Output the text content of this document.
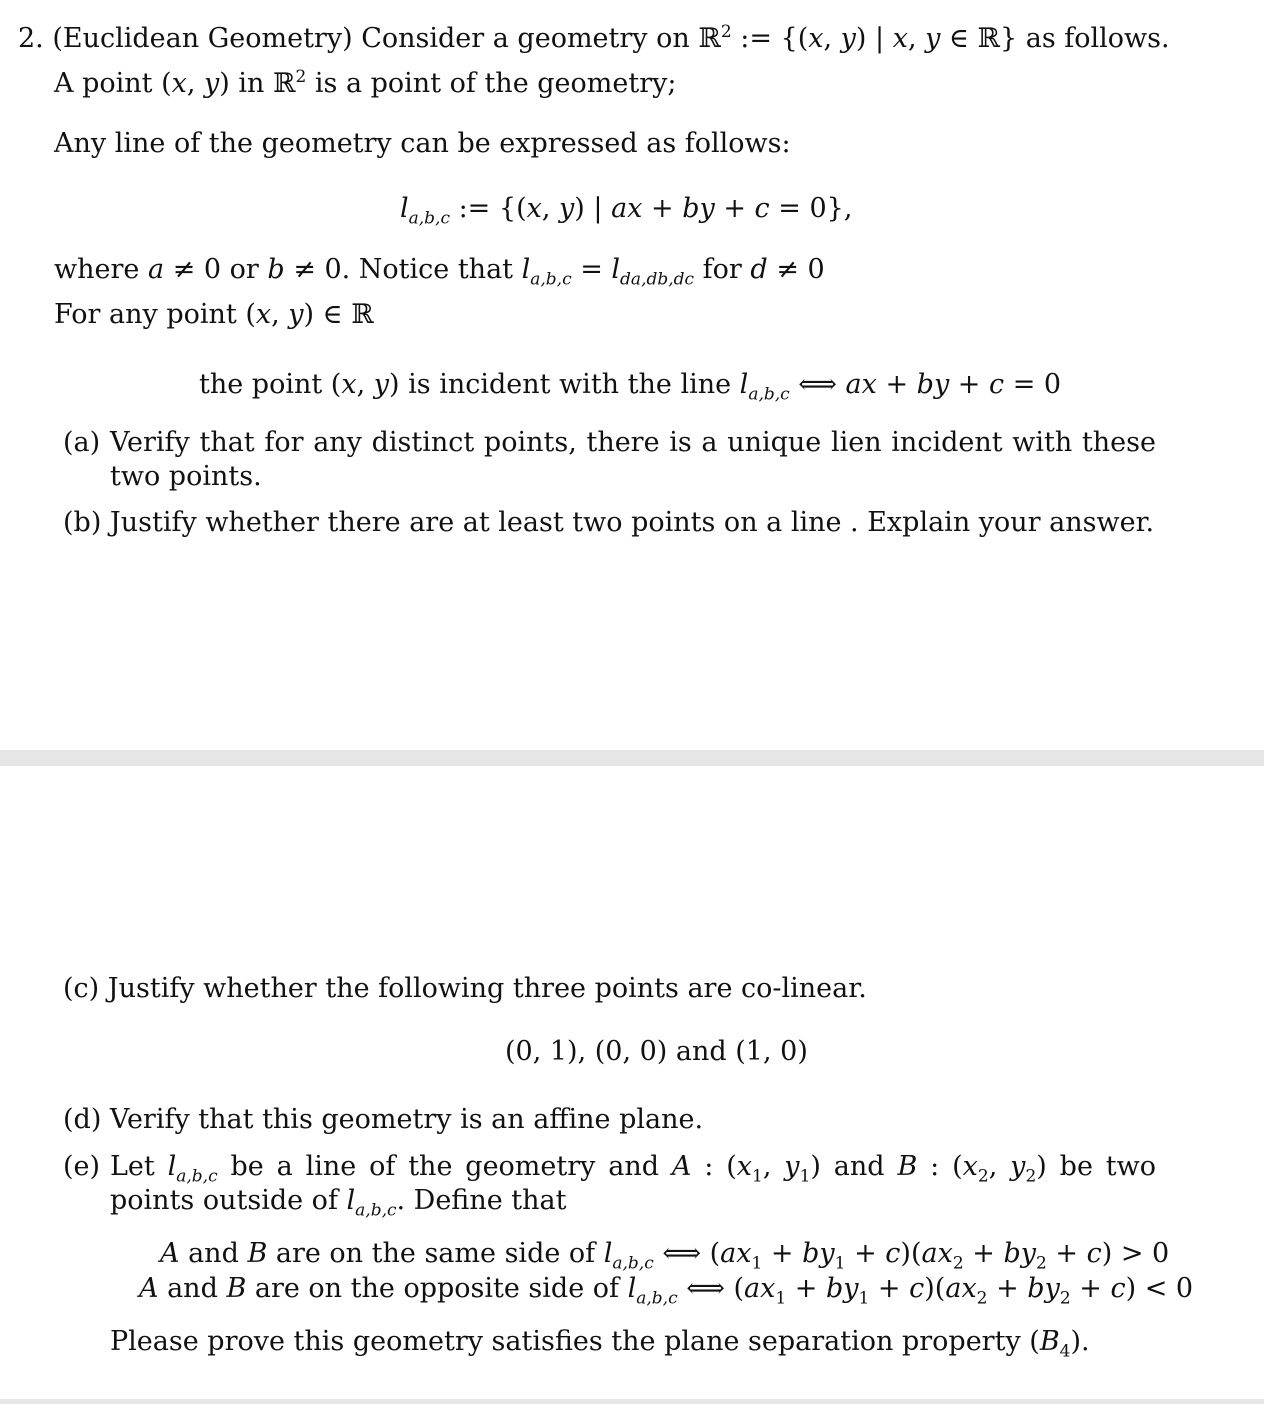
2. (Euclidean Geometry) Consider a geometry on ℝ$^2$ := {(x, y) | x, y ∈ ℝ} as follows.
A point (x, y) in ℝ$^2$ is a point of the geometry;
Any line of the geometry can be expressed as follows:
$l_{a,b,c}$ := {(x, y) | ax + by + c = 0},
where a ≠ 0 or b ≠ 0. Notice that $l_{a,b,c} = l_{da,db,dc}$ for d ≠ 0
For any point (x, y) ∈ ℝ
the point (x, y) is incident with the line $l_{a,b,c}$ ⟺ ax + by + c = 0
(a) Verify that for any distinct points, there is a unique lien incident with these two points.
(b) Justify whether there are at least two points on a line . Explain your answer.
(c) Justify whether the following three points are co-linear.
(0, 1), (0, 0) and (1, 0)
(d) Verify that this geometry is an affine plane.
(e) Let $l_{a,b,c}$ be a line of the geometry and A : ($x_1$, $y_1$) and B : ($x_2$, $y_2$) be two points outside of $l_{a,b,c}$. Define that
A and B are on the same side of $l_{a,b,c}$ ⟺ $(ax_1 + by_1 + c)(ax_2 + by_2 + c) > 0$
A and B are on the opposite side of $l_{a,b,c}$ ⟺ $(ax_1 + by_1 + c)(ax_2 + by_2 + c) < 0$
Please prove this geometry satisfies the plane separation property $(B_4)$.
